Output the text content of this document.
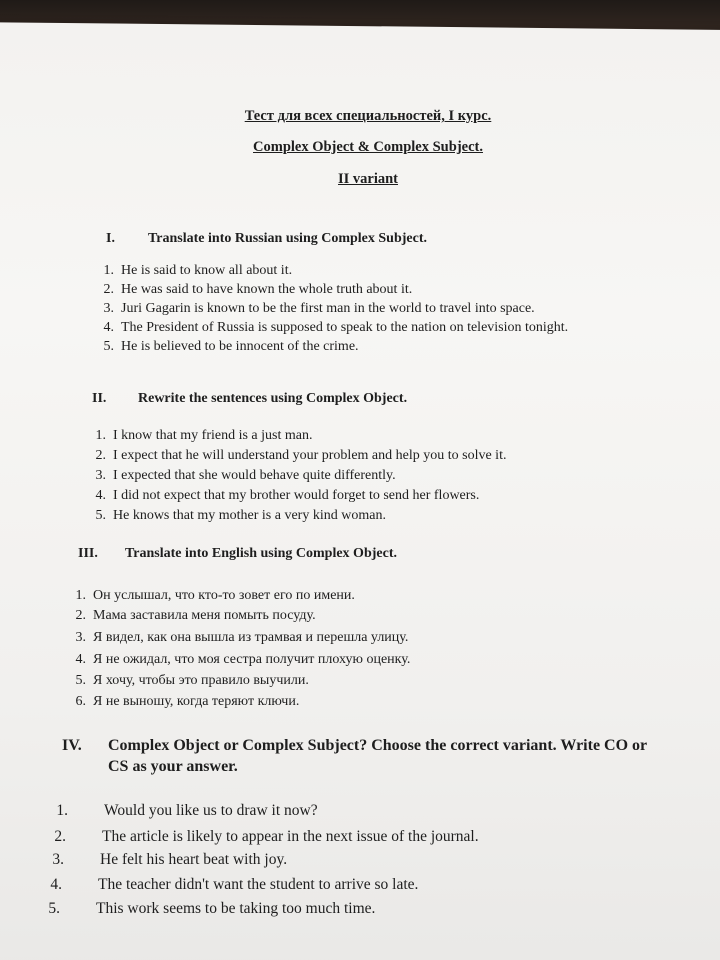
Тест для всех специальностей, I курс.
Complex Object & Complex Subject.
II variant
I. Translate into Russian using Complex Subject.
1. He is said to know all about it.
2. He was said to have known the whole truth about it.
3. Juri Gagarin is known to be the first man in the world to travel into space.
4. The President of Russia is supposed to speak to the nation on television tonight.
5. He is believed to be innocent of the crime.
II. Rewrite the sentences using Complex Object.
1. I know that my friend is a just man.
2. I expect that he will understand your problem and help you to solve it.
3. I expected that she would behave quite differently.
4. I did not expect that my brother would forget to send her flowers.
5. He knows that my mother is a very kind woman.
III. Translate into English using Complex Object.
1. Он услышал, что кто-то зовет его по имени.
2. Мама заставила меня помыть посуду.
3. Я видел, как она вышла из трамвая и перешла улицу.
4. Я не ожидал, что моя сестра получит плохую оценку.
5. Я хочу, чтобы это правило выучили.
6. Я не выношу, когда теряют ключи.
IV. Complex Object or Complex Subject? Choose the correct variant. Write CO or
CS as your answer.
1. Would you like us to draw it now?
2. The article is likely to appear in the next issue of the journal.
3. He felt his heart beat with joy.
4. The teacher didn't want the student to arrive so late.
5. This work seems to be taking too much time.
